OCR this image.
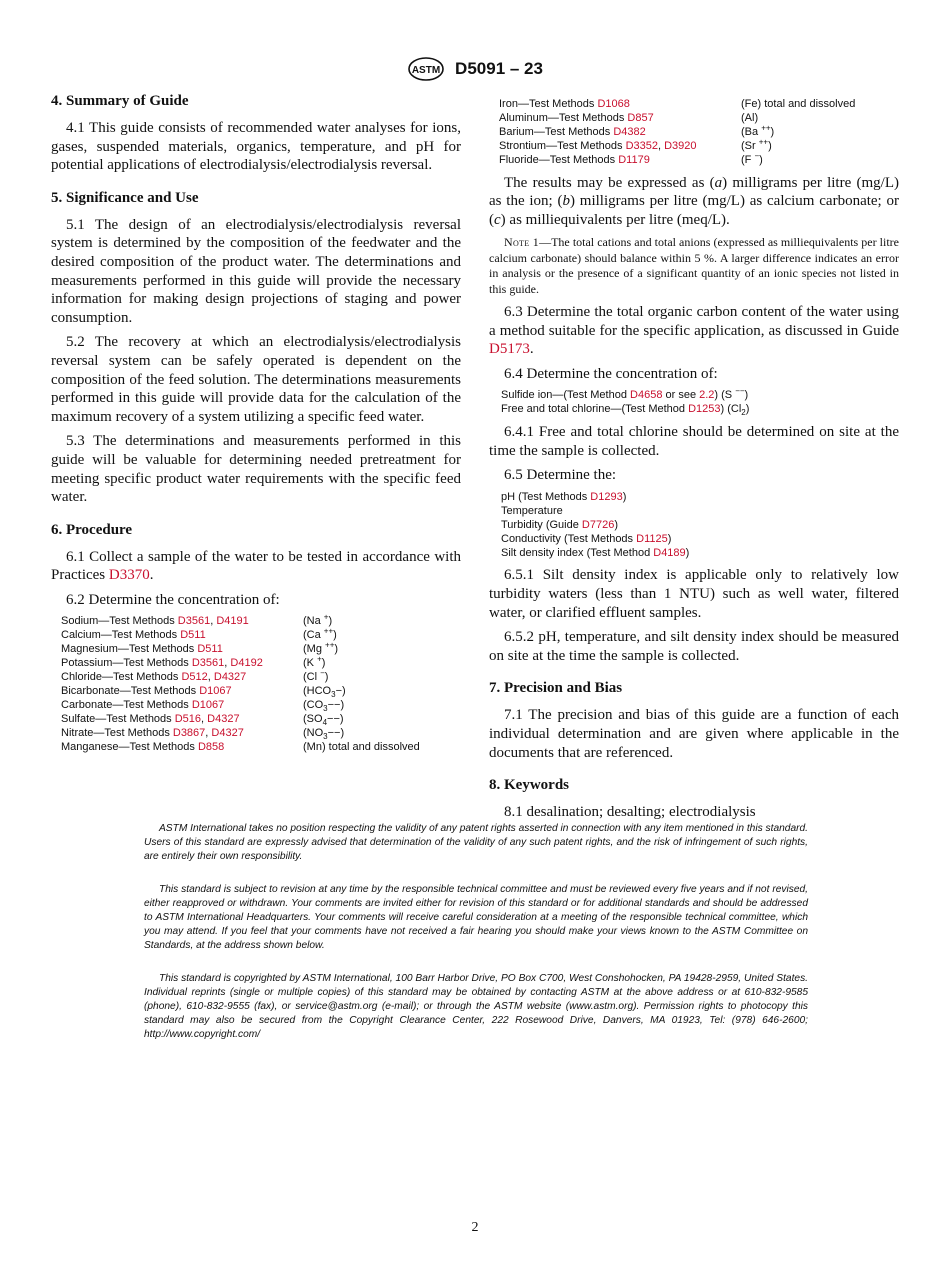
ASTM D5091 – 23
4. Summary of Guide

4.1 This guide consists of recommended water analyses for ions, gases, suspended materials, organics, temperature, and pH for potential applications of electrodialysis/electrodialysis reversal.

5. Significance and Use

5.1 The design of an electrodialysis/electrodialysis reversal system is determined by the composition of the feedwater and the desired composition of the product water. The determinations and measurements performed in this guide will provide the necessary information for making design projections of staging and power consumption.

5.2 The recovery at which an electrodialysis/electrodialysis reversal system can be safely operated is dependent on the composition of the feed solution. The determinations measurements performed in this guide will provide data for the calculation of the maximum recovery of a system utilizing a specific feed water.

5.3 The determinations and measurements performed in this guide will be valuable for determining needed pretreatment for meeting specific product water requirements with the specific feed water.

6. Procedure

6.1 Collect a sample of the water to be tested in accordance with Practices D3370.

6.2 Determine the concentration of:

Sodium—Test Methods D3561, D4191	(Na +)
Calcium—Test Methods D511	(Ca ++)
Magnesium—Test Methods D511	(Mg ++)
Potassium—Test Methods D3561, D4192	(K +)
Chloride—Test Methods D512, D4327	(Cl −)
Bicarbonate—Test Methods D1067	$(HCO_3-)$
Carbonate—Test Methods D1067	$(CO_3--)$
Sulfate—Test Methods D516, D4327	$(SO_4--)$
Nitrate—Test Methods D3867, D4327	$(NO_3--)$
Manganese—Test Methods D858	(Mn) total and dissolved
Iron—Test Methods D1068	(Fe) total and dissolved
Aluminum—Test Methods D857	(Al)
Barium—Test Methods D4382	(Ba ++)
Strontium—Test Methods D3352, D3920	(Sr ++)
Fluoride—Test Methods D1179	(F −)

The results may be expressed as (a) milligrams per litre (mg/L) as the ion; (b) milligrams per litre (mg/L) as calcium carbonate; or (c) as milliequivalents per litre (meq/L).

Note 1—The total cations and total anions (expressed as milliequivalents per litre calcium carbonate) should balance within 5 %. A larger difference indicates an error in analysis or the presence of a significant quantity of an ionic species not listed in this guide.

6.3 Determine the total organic carbon content of the water using a method suitable for the specific application, as discussed in Guide D5173.

6.4 Determine the concentration of:

Sulfide ion—(Test Method D4658 or see 2.2) (S −−)
Free and total chlorine—(Test Method D1253) $(Cl_2)$

6.4.1 Free and total chlorine should be determined on site at the time the sample is collected.

6.5 Determine the:

pH (Test Methods D1293)
Temperature
Turbidity (Guide D7726)
Conductivity (Test Methods D1125)
Silt density index (Test Method D4189)

6.5.1 Silt density index is applicable only to relatively low turbidity waters (less than 1 NTU) such as well water, filtered water, or clarified effluent samples.

6.5.2 pH, temperature, and silt density index should be measured on site at the time the sample is collected.

7. Precision and Bias

7.1 The precision and bias of this guide are a function of each individual determination and are given where applicable in the documents that are referenced.

8. Keywords

8.1 desalination; desalting; electrodialysis

ASTM International takes no position respecting the validity of any patent rights asserted in connection with any item mentioned in this standard. Users of this standard are expressly advised that determination of the validity of any such patent rights, and the risk of infringement of such rights, are entirely their own responsibility.

This standard is subject to revision at any time by the responsible technical committee and must be reviewed every five years and if not revised, either reapproved or withdrawn. Your comments are invited either for revision of this standard or for additional standards and should be addressed to ASTM International Headquarters. Your comments will receive careful consideration at a meeting of the responsible technical committee, which you may attend. If you feel that your comments have not received a fair hearing you should make your views known to the ASTM Committee on Standards, at the address shown below.

This standard is copyrighted by ASTM International, 100 Barr Harbor Drive, PO Box C700, West Conshohocken, PA 19428-2959, United States. Individual reprints (single or multiple copies) of this standard may be obtained by contacting ASTM at the above address or at 610-832-9585 (phone), 610-832-9555 (fax), or service@astm.org (e-mail); or through the ASTM website (www.astm.org). Permission rights to photocopy this standard may also be secured from the Copyright Clearance Center, 222 Rosewood Drive, Danvers, MA 01923, Tel: (978) 646-2600; http://www.copyright.com/

2
